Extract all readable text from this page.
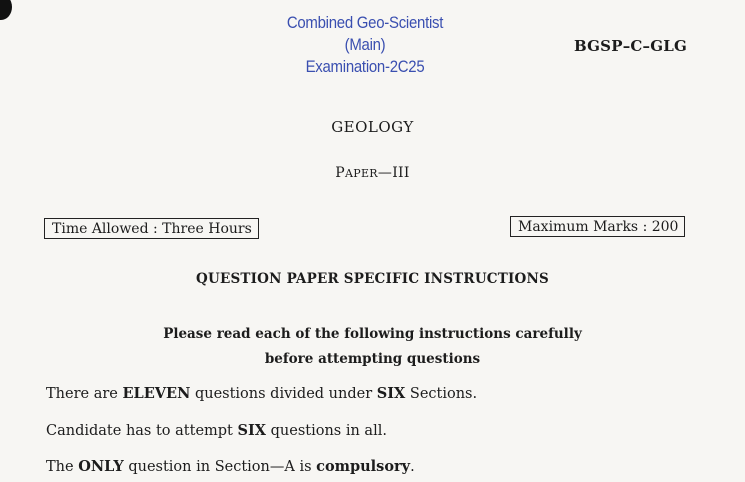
Combined Geo-Scientist (Main)
Examination-2C25
BGSP–C–GLG
GEOLOGY
PAPER—III
Time Allowed : Three Hours	Maximum Marks : 200
QUESTION PAPER SPECIFIC INSTRUCTIONS
Please read each of the following instructions carefully
before attempting questions
There are ELEVEN questions divided under SIX Sections.
Candidate has to attempt SIX questions in all.
The ONLY question in Section—A is compulsory.
